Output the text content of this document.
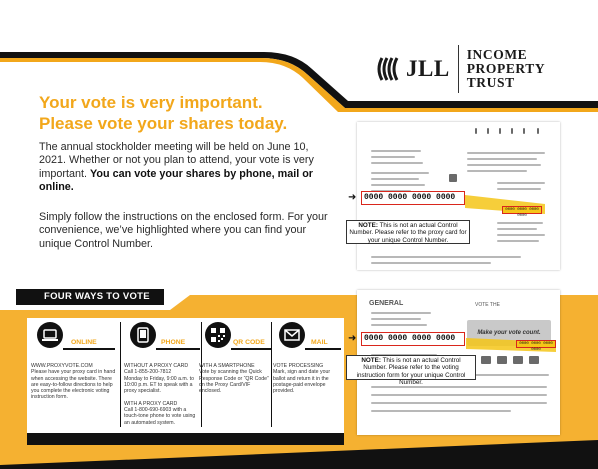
JLL
INCOME
PROPERTY
TRUST
Your vote is very important.
Please vote your shares today.
The annual stockholder meeting will be held on June 10, 2021. Whether or not you plan to attend, your vote is very important. You can vote your shares by phone, mail or online.
Simply follow the instructions on the enclosed form. For your convenience, we’ve highlighted where you can find your unique Control Number.
FOUR WAYS TO VOTE
ONLINE
WWW.PROXYVOTE.COM
Please have your proxy card in hand when accessing the website. There are easy-to-follow directions to help you complete the electronic voting instruction form.
PHONE
WITHOUT A PROXY CARD
Call 1-855-200-7812
Monday to Friday, 9:00 a.m. to 10:00 p.m. ET to speak with a proxy specialist.

WITH A PROXY CARD
Call 1-800-690-6903 with a touch-tone phone to vote using an automated system.
QR CODE
WITH A SMARTPHONE
Vote by scanning the Quick Response Code or “QR Code” on the Proxy Card/VIF enclosed.
MAIL
VOTE PROCESSING
Mark, sign and date your ballot and return it in the postage-paid envelope provided.
0000 0000 0000 0000
➜ 0000 0000 0000 0000
NOTE: This is not an actual Control Number. Please refer to the proxy card for your unique Control Number.
GENERAL	VOTE THE
Make your vote count.
0000 0000 0000 0000
➜ 0000 0000 0000 0000
NOTE: This is not an actual Control Number. Please refer to the voting instruction form for your unique Control Number.
